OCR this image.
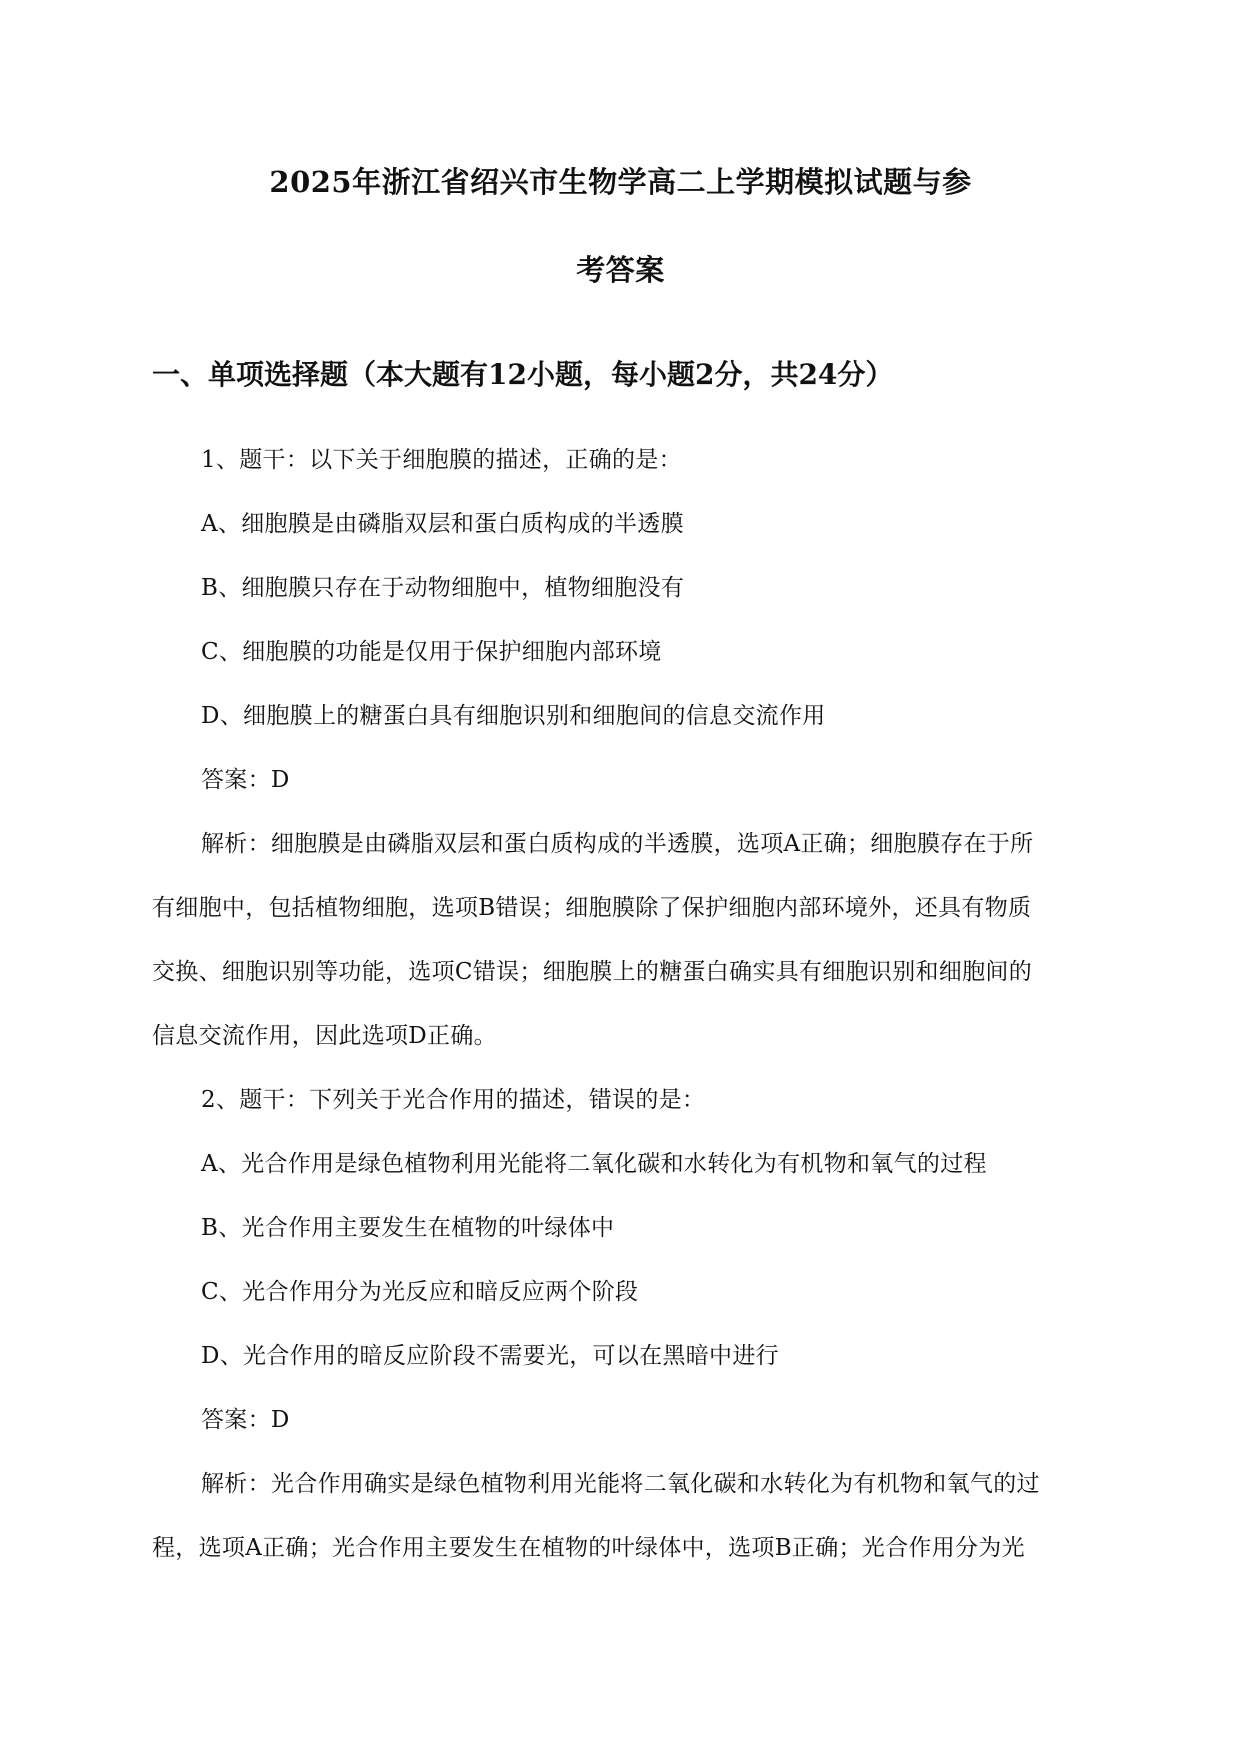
2025年浙江省绍兴市生物学高二上学期模拟试题与参
考答案
一、单项选择题（本大题有12小题，每小题2分，共24分）
1、题干：以下关于细胞膜的描述，正确的是：
A、细胞膜是由磷脂双层和蛋白质构成的半透膜
B、细胞膜只存在于动物细胞中，植物细胞没有
C、细胞膜的功能是仅用于保护细胞内部环境
D、细胞膜上的糖蛋白具有细胞识别和细胞间的信息交流作用
答案：D
解析：细胞膜是由磷脂双层和蛋白质构成的半透膜，选项A正确；细胞膜存在于所
有细胞中，包括植物细胞，选项B错误；细胞膜除了保护细胞内部环境外，还具有物质
交换、细胞识别等功能，选项C错误；细胞膜上的糖蛋白确实具有细胞识别和细胞间的
信息交流作用，因此选项D正确。
2、题干：下列关于光合作用的描述，错误的是：
A、光合作用是绿色植物利用光能将二氧化碳和水转化为有机物和氧气的过程
B、光合作用主要发生在植物的叶绿体中
C、光合作用分为光反应和暗反应两个阶段
D、光合作用的暗反应阶段不需要光，可以在黑暗中进行
答案：D
解析：光合作用确实是绿色植物利用光能将二氧化碳和水转化为有机物和氧气的过
程，选项A正确；光合作用主要发生在植物的叶绿体中，选项B正确；光合作用分为光
